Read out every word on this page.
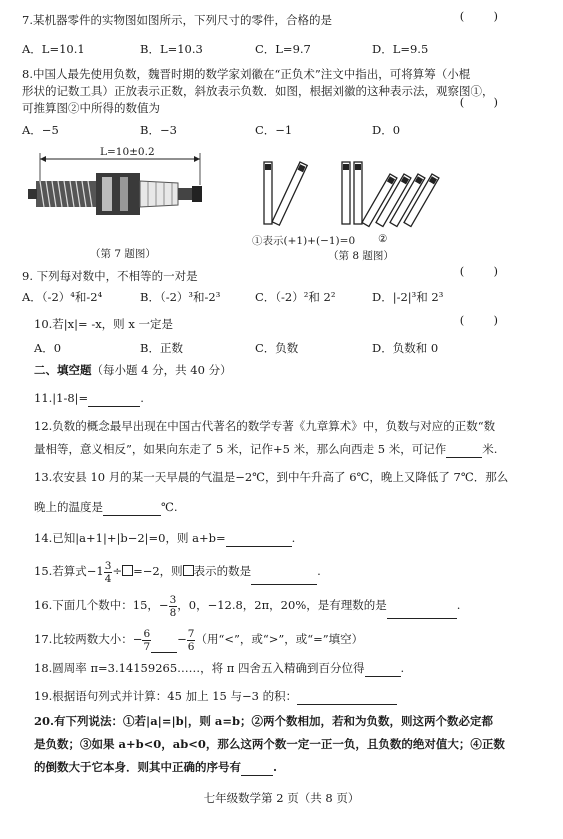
7.某机器零件的实物图如图所示，下列尺寸的零件，合格的是	(        )
A．L=10.1	B．L=10.3	C．L=9.7	D．L=9.5
8.中国人最先使用负数，魏晋时期的数学家刘徽在“正负术”注文中指出，可将算筹（小棍
形状的记数工具）正放表示正数，斜放表示负数．如图，根据刘徽的这种表示法，观察图①，
可推算图②中所得的数值为	(        )
A．−5	B．−3	C．−1	D．0
L=10±0.2
（第 7 题图）
①表示(+1)+(−1)=0 ②
（第 8 题图）
9. 下列每对数中，不相等的一对是	(        )
A．（-2）⁴和-2⁴	B．（-2）³和-2³	C．（-2）²和 2²	D．|-2|³和 2³
10.若|x|= -x，则 x 一定是	(        )
A．0	B．正数	C．负数	D．负数和 0
二、填空题（每小题 4 分，共 40 分）
11.|1-8|=	.
12.负数的概念最早出现在中国古代著名的数学专著《九章算术》中，负数与对应的正数“数
量相等，意义相反”，如果向东走了 5 米，记作+5 米，那么向西走 5 米，可记作	米.
13.农安县 10 月的某一天早晨的气温是−2℃，到中午升高了 6℃，晚上又降低了 7℃．那么
晚上的温度是	℃.
14.已知|a+1|+|b−2|=0，则 a+b=	.
15.若算式$-1 \frac{3}{4} \div =-2$，则 表示的数是	.
16.下面几个数中：15，− $\frac{3}{8}$ ，0，−12.8，2π，20%，是有理数的是	.
17.比较两数大小：− $\frac{6}{7} - \frac{7}{6}$ （用“<”，或“>”，或“=”填空）
18.圆周率 π=3.14159265……，将 π 四舍五入精确到百分位得	.
19.根据语句列式并计算：45 加上 15 与−3 的积：
20.有下列说法：①若|a|=|b|，则 a=b；②两个数相加，若和为负数，则这两个数必定都
是负数；③如果 a+b<0，ab<0，那么这两个数一定一正一负，且负数的绝对值大；④正数
的倒数大于它本身．则其中正确的序号有	.
七年级数学第 2 页（共 8 页）
